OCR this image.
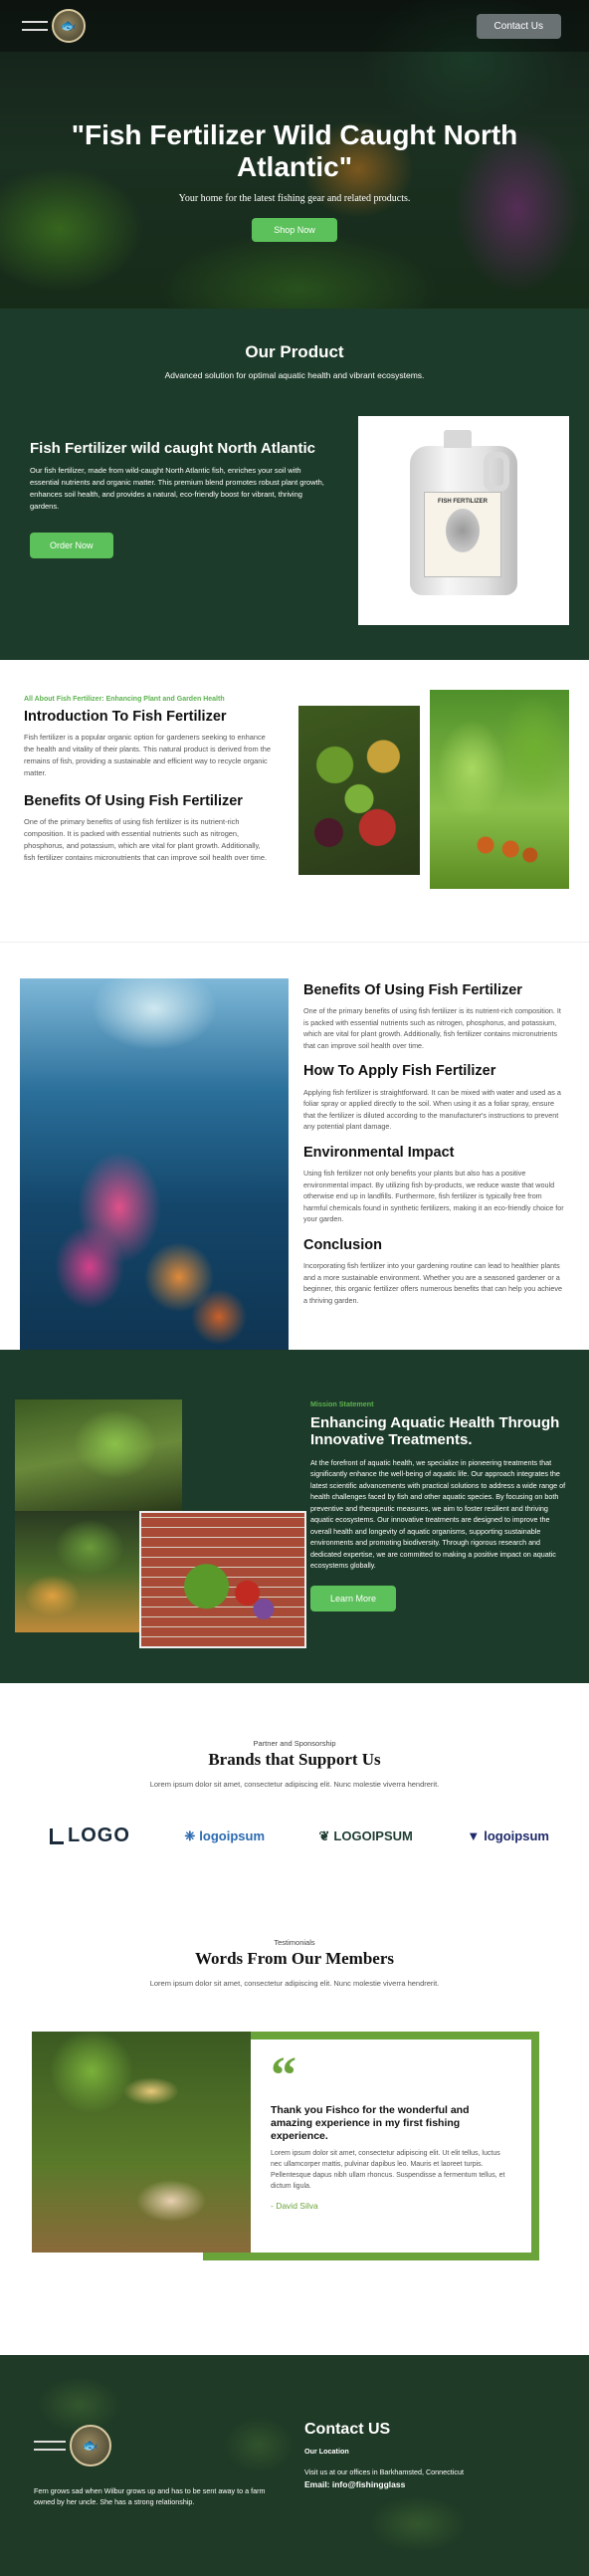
🐟	Contact Us
"Fish Fertilizer Wild Caught North Atlantic"

Your home for the latest fishing gear and related products.

Shop Now
Our Product

Advanced solution for optimal aquatic health and vibrant ecosystems.

Fish Fertilizer wild caught North Atlantic

Our fish fertilizer, made from wild-caught North Atlantic fish, enriches your soil with essential nutrients and organic matter. This premium blend promotes robust plant growth, enhances soil health, and provides a natural, eco-friendly boost for vibrant, thriving gardens.

Order Now
FISH FERTILIZER

All About Fish Fertilizer: Enhancing Plant and Garden Health

Introduction To Fish Fertilizer

Fish fertilizer is a popular organic option for gardeners seeking to enhance the health and vitality of their plants. This natural product is derived from the remains of fish, providing a sustainable and efficient way to recycle organic matter.

Benefits Of Using Fish Fertilizer

One of the primary benefits of using fish fertilizer is its nutrient-rich composition. It is packed with essential nutrients such as nitrogen, phosphorus, and potassium, which are vital for plant growth. Additionally, fish fertilizer contains micronutrients that can improve soil health over time.

Benefits Of Using Fish Fertilizer

One of the primary benefits of using fish fertilizer is its nutrient-rich composition. It is packed with essential nutrients such as nitrogen, phosphorus, and potassium, which are vital for plant growth. Additionally, fish fertilizer contains micronutrients that can improve soil health over time.

How To Apply Fish Fertilizer

Applying fish fertilizer is straightforward. It can be mixed with water and used as a foliar spray or applied directly to the soil. When using it as a foliar spray, ensure that the fertilizer is diluted according to the manufacturer's instructions to prevent any potential plant damage.

Environmental Impact

Using fish fertilizer not only benefits your plants but also has a positive environmental impact. By utilizing fish by-products, we reduce waste that would otherwise end up in landfills. Furthermore, fish fertilizer is typically free from harmful chemicals found in synthetic fertilizers, making it an eco-friendly choice for your garden.

Conclusion

Incorporating fish fertilizer into your gardening routine can lead to healthier plants and a more sustainable environment. Whether you are a seasoned gardener or a beginner, this organic fertilizer offers numerous benefits that can help you achieve a thriving garden.

Mission Statement

Enhancing Aquatic Health Through Innovative Treatments.

At the forefront of aquatic health, we specialize in pioneering treatments that significantly enhance the well-being of aquatic life. Our approach integrates the latest scientific advancements with practical solutions to address a wide range of health challenges faced by fish and other aquatic species. By focusing on both preventive and therapeutic measures, we aim to foster resilient and thriving aquatic ecosystems. Our innovative treatments are designed to improve the overall health and longevity of aquatic organisms, supporting sustainable environments and promoting biodiversity. Through rigorous research and dedicated expertise, we are committed to making a positive impact on aquatic ecosystems globally.

Learn More

Partner and Sponsorship

Brands that Support Us

Lorem ipsum dolor sit amet, consectetur adipiscing elit. Nunc molestie viverra hendrerit.

LOGO	❈ logoipsum	❦ LOGOIPSUM	▼ logoipsum

Testimonials

Words From Our Members

Lorem ipsum dolor sit amet, consectetur adipiscing elit. Nunc molestie viverra hendrerit.

“

Thank you Fishco for the wonderful and amazing experience in my first fishing experience.

Lorem ipsum dolor sit amet, consectetur adipiscing elit. Ut elit tellus, luctus nec ullamcorper mattis, pulvinar dapibus leo. Mauris et laoreet turpis. Pellentesque dapus nibh ullam rhoncus. Suspendisse a fermentum tellus, et dictum ligula.

- David Silva

🐟

Fern grows sad when Wilbur grows up and has to be sent away to a farm owned by her uncle. She has a strong relationship.

Contact US

Our Location

Visit us at our offices in Barkhamsted, Connecticut

Email: info@fishingglass
